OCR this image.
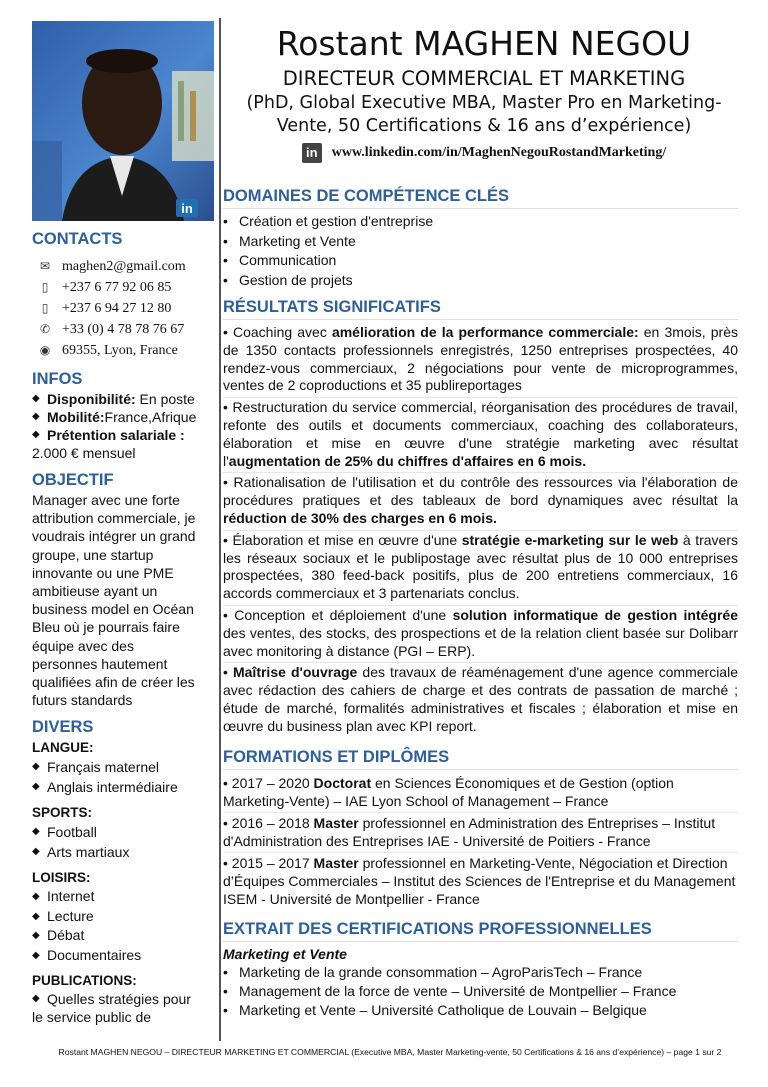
in
Rostant MAGHEN NEGOU
DIRECTEUR COMMERCIAL ET MARKETING
(PhD, Global Executive MBA, Master Pro en Marketing-
Vente, 50 Certifications & 16 ans d’expérience)
in	www.linkedin.com/in/MaghenNegouRostandMarketing/
CONTACTS
✉ maghen2@gmail.com
▯ +237 6 77 92 06 85
▯ +237 6 94 27 12 80
✆ +33 (0) 4 78 78 76 67
◉ 69355, Lyon, France
INFOS
◆ Disponibilité: En poste
◆ Mobilité:France,Afrique
◆ Prétention salariale :
2.000 € mensuel
OBJECTIF
Manager avec une forte
attribution commerciale, je
voudrais intégrer un grand
groupe, une startup
innovante ou une PME
ambitieuse ayant un
business model en Océan
Bleu où je pourrais faire
équipe avec des
personnes hautement
qualifiées afin de créer les
futurs standards
DIVERS
LANGUE:
◆ Français maternel
◆ Anglais intermédiaire
SPORTS:
◆ Football
◆ Arts martiaux
LOISIRS:
◆ Internet
◆ Lecture
◆ Débat
◆ Documentaires
PUBLICATIONS:
◆ Quelles stratégies pour
le service public de
DOMAINES DE COMPÉTENCE CLÉS
• Création et gestion d'entreprise
• Marketing et Vente
• Communication
• Gestion de projets
RÉSULTATS SIGNIFICATIFS
• Coaching avec amélioration de la performance commerciale: en 3mois, près de 1350 contacts professionnels enregistrés, 1250 entreprises prospectées, 40 rendez-vous commerciaux, 2 négociations pour vente de microprogrammes, ventes de 2 coproductions et 35 publireportages
• Restructuration du service commercial, réorganisation des procédures de travail, refonte des outils et documents commerciaux, coaching des collaborateurs, élaboration et mise en œuvre d'une stratégie marketing avec résultat l'augmentation de 25% du chiffres d'affaires en 6 mois.
• Rationalisation de l'utilisation et du contrôle des ressources via l'élaboration de procédures pratiques et des tableaux de bord dynamiques avec résultat la réduction de 30% des charges en 6 mois.
• Élaboration et mise en œuvre d'une stratégie e-marketing sur le web à travers les réseaux sociaux et le publipostage avec résultat plus de 10 000 entreprises prospectées, 380 feed-back positifs, plus de 200 entretiens commerciaux, 16 accords commerciaux et 3 partenariats conclus.
• Conception et déploiement d'une solution informatique de gestion intégrée des ventes, des stocks, des prospections et de la relation client basée sur Dolibarr avec monitoring à distance (PGI – ERP).
• Maîtrise d'ouvrage des travaux de réaménagement d'une agence commerciale avec rédaction des cahiers de charge et des contrats de passation de marché ; étude de marché, formalités administratives et fiscales ; élaboration et mise en œuvre du business plan avec KPI report.
FORMATIONS ET DIPLÔMES
• 2017 – 2020 Doctorat en Sciences Économiques et de Gestion (option Marketing-Vente) – IAE Lyon School of Management – France
• 2016 – 2018 Master professionnel en Administration des Entreprises – Institut d'Administration des Entreprises IAE - Université de Poitiers - France
• 2015 – 2017 Master professionnel en Marketing-Vente, Négociation et Direction d’Équipes Commerciales – Institut des Sciences de l'Entreprise et du Management ISEM - Université de Montpellier - France
EXTRAIT DES CERTIFICATIONS PROFESSIONNELLES
Marketing et Vente
• Marketing de la grande consommation – AgroParisTech – France
• Management de la force de vente – Université de Montpellier – France
• Marketing et Vente – Université Catholique de Louvain – Belgique
Rostant MAGHEN NEGOU – DIRECTEUR MARKETING ET COMMERCIAL (Executive MBA, Master Marketing-vente, 50 Certifications & 16 ans d’expérience) – page 1 sur 2
